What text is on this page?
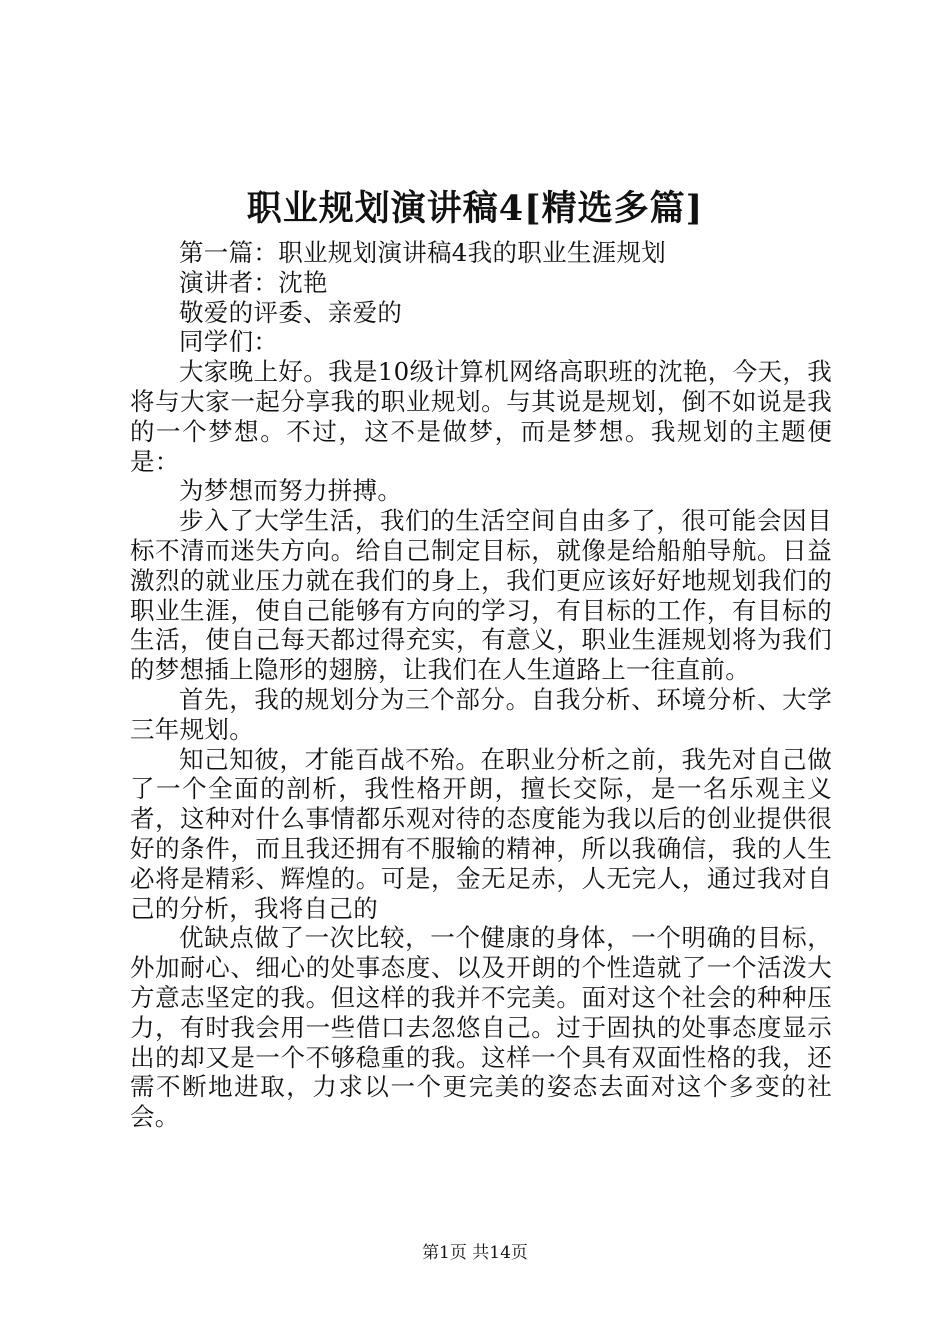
职业规划演讲稿4[精选多篇]

第一篇：职业规划演讲稿4我的职业生涯规划

演讲者：沈艳

敬爱的评委、亲爱的

同学们：

大家晚上好。我是10级计算机网络高职班的沈艳，今天，我将与大家一起分享我的职业规划。与其说是规划，倒不如说是我的一个梦想。不过，这不是做梦，而是梦想。我规划的主题便是：

为梦想而努力拼搏。

步入了大学生活，我们的生活空间自由多了，很可能会因目标不清而迷失方向。给自己制定目标，就像是给船舶导航。日益激烈的就业压力就在我们的身上，我们更应该好好地规划我们的职业生涯，使自己能够有方向的学习，有目标的工作，有目标的生活，使自己每天都过得充实，有意义，职业生涯规划将为我们的梦想插上隐形的翅膀，让我们在人生道路上一往直前。

首先，我的规划分为三个部分。自我分析、环境分析、大学三年规划。

知己知彼，才能百战不殆。在职业分析之前，我先对自己做了一个全面的剖析，我性格开朗，擅长交际，是一名乐观主义者，这种对什么事情都乐观对待的态度能为我以后的创业提供很好的条件，而且我还拥有不服输的精神，所以我确信，我的人生必将是精彩、辉煌的。可是，金无足赤，人无完人，通过我对自己的分析，我将自己的

优缺点做了一次比较，一个健康的身体，一个明确的目标，外加耐心、细心的处事态度、以及开朗的个性造就了一个活泼大方意志坚定的我。但这样的我并不完美。面对这个社会的种种压力，有时我会用一些借口去忽悠自己。过于固执的处事态度显示出的却又是一个不够稳重的我。这样一个具有双面性格的我，还需不断地进取，力求以一个更完美的姿态去面对这个多变的社会。

第1页 共14页
